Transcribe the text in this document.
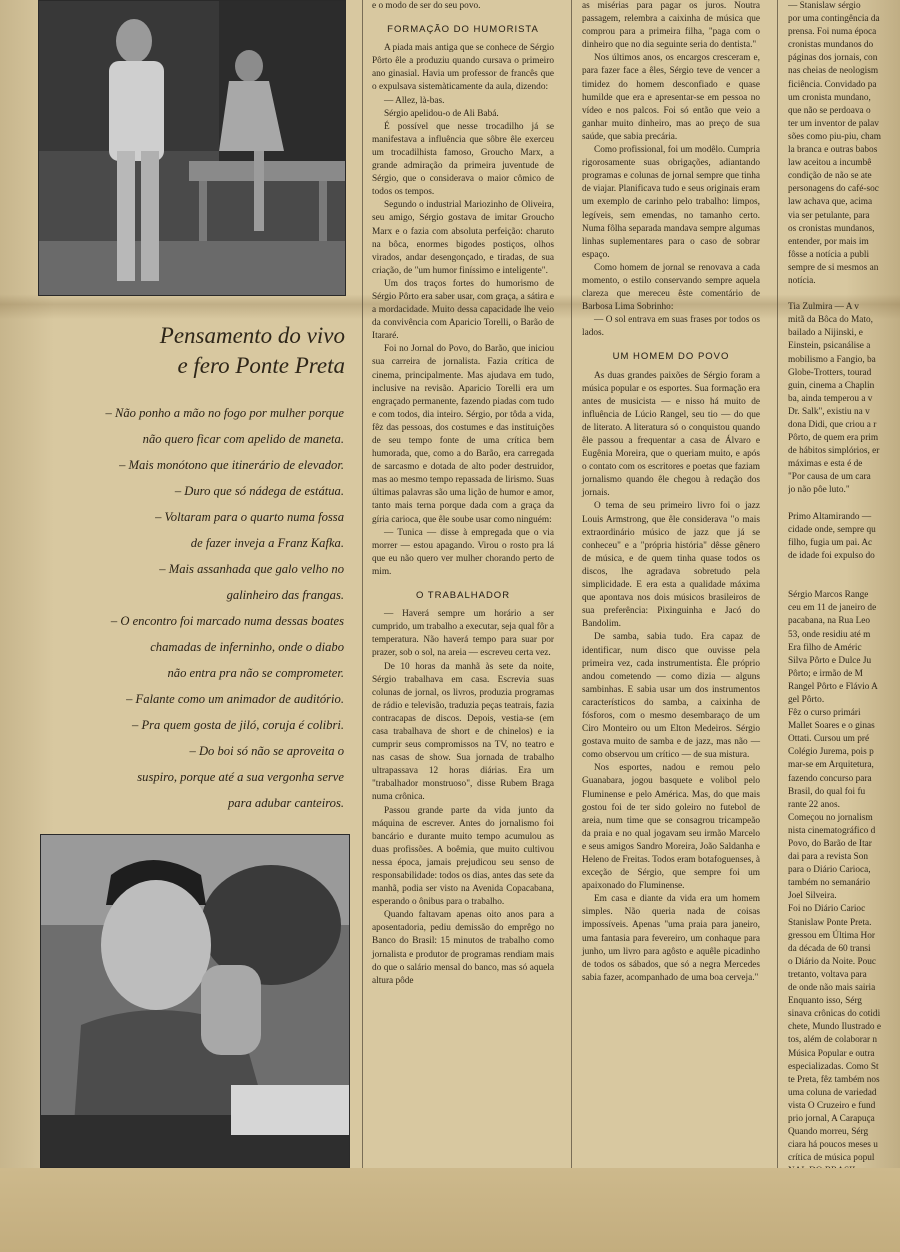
Pensamento do vivo
e fero Ponte Preta

– Não ponho a mão no fogo por mulher porque

não quero ficar com apelido de maneta.

– Mais monótono que itinerário de elevador.

– Duro que só nádega de estátua.

– Voltaram para o quarto numa fossa

de fazer inveja a Franz Kafka.

– Mais assanhada que galo velho no

galinheiro das frangas.

– O encontro foi marcado numa dessas boates

chamadas de inferninho, onde o diabo

não entra pra não se comprometer.

– Falante como um animador de auditório.

– Pra quem gosta de jiló, coruja é colibri.

– Do boi só não se aproveita o

suspiro, porque até a sua vergonha serve

para adubar canteiros.

e o modo de ser do seu povo.

FORMAÇÃO DO HUMORISTA

A piada mais antiga que se conhece de Sérgio Pôrto êle a produziu quando cursava o primeiro ano ginasial. Havia um professor de francês que o expulsava sistemàticamente da aula, dizendo:

— Allez, là-bas.

Sérgio apelidou-o de Ali Babá.

É possível que nesse trocadilho já se manifestava a influência que sôbre êle exerceu um trocadilhista famoso, Groucho Marx, a grande admiração da primeira juventude de Sérgio, que o considerava o maior cômico de todos os tempos.

Segundo o industrial Mariozinho de Oliveira, seu amigo, Sérgio gostava de imitar Groucho Marx e o fazia com absoluta perfeição: charuto na bôca, enormes bigodes postiços, olhos virados, andar desengonçado, e tiradas, de sua criação, de "um humor finíssimo e inteligente".

Um dos traços fortes do humorismo de Sérgio Pôrto era saber usar, com graça, a sátira e a mordacidade. Muito dessa capacidade lhe veio da convivência com Aparicio Torelli, o Barão de Itararé.

Foi no Jornal do Povo, do Barão, que iniciou sua carreira de jornalista. Fazia crítica de cinema, principalmente. Mas ajudava em tudo, inclusive na revisão. Aparicio Torelli era um engraçado permanente, fazendo piadas com tudo e com todos, dia inteiro. Sérgio, por tôda a vida, fêz das pessoas, dos costumes e das instituições de seu tempo fonte de uma crítica bem humorada, que, como a do Barão, era carregada de sarcasmo e dotada de alto poder destruidor, mas ao mesmo tempo repassada de lirismo. Suas últimas palavras são uma lição de humor e amor, tanto mais terna porque dada com a graça da gíria carioca, que êle soube usar como ninguém:

— Tunica — disse à empregada que o via morrer — estou apagando. Virou o rosto pra lá que eu não quero ver mulher chorando perto de mim.

O TRABALHADOR

— Haverá sempre um horário a ser cumprido, um trabalho a executar, seja qual fôr a temperatura. Não haverá tempo para suar por prazer, sob o sol, na areia — escreveu certa vez.

De 10 horas da manhã às sete da noite, Sérgio trabalhava em casa. Escrevia suas colunas de jornal, os livros, produzia programas de rádio e televisão, traduzia peças teatrais, fazia contracapas de discos. Depois, vestia-se (em casa trabalhava de short e de chinelos) e ia cumprir seus compromissos na TV, no teatro e nas casas de show. Sua jornada de trabalho ultrapassava 12 horas diárias. Era um "trabalhador monstruoso", disse Rubem Braga numa crônica.

Passou grande parte da vida junto da máquina de escrever. Antes do jornalismo foi bancário e durante muito tempo acumulou as duas profissões. A boêmia, que muito cultivou nessa época, jamais prejudicou seu senso de responsabilidade: todos os dias, antes das sete da manhã, podia ser visto na Avenida Copacabana, esperando o ônibus para o trabalho.

Quando faltavam apenas oito anos para a aposentadoria, pediu demissão do emprêgo no Banco do Brasil: 15 minutos de trabalho como jornalista e produtor de programas rendiam mais do que o salário mensal do banco, mas só aquela altura pôde

as misérias para pagar os juros. Noutra passagem, relembra a caixinha de música que comprou para a primeira filha, "paga com o dinheiro que no dia seguinte seria do dentista."

Nos últimos anos, os encargos cresceram e, para fazer face a êles, Sérgio teve de vencer a timidez do homem desconfiado e quase humilde que era e apresentar-se em pessoa no vídeo e nos palcos. Foi só então que veio a ganhar muito dinheiro, mas ao preço de sua saúde, que sabia precária.

Como profissional, foi um modêlo. Cumpria rigorosamente suas obrigações, adiantando programas e colunas de jornal sempre que tinha de viajar. Planificava tudo e seus originais eram um exemplo de carinho pelo trabalho: limpos, legíveis, sem emendas, no tamanho certo. Numa fôlha separada mandava sempre algumas linhas suplementares para o caso de sobrar espaço.

Como homem de jornal se renovava a cada momento, o estilo conservando sempre aquela clareza que mereceu êste comentário de Barbosa Lima Sobrinho:

— O sol entrava em suas frases por todos os lados.

UM HOMEM DO POVO

As duas grandes paixões de Sérgio foram a música popular e os esportes. Sua formação era antes de musicista — e nisso há muito de influência de Lúcio Rangel, seu tio — do que de literato. A literatura só o conquistou quando êle passou a frequentar a casa de Álvaro e Eugênia Moreira, que o queriam muito, e após o contato com os escritores e poetas que faziam jornalismo quando êle chegou à redação dos jornais.

O tema de seu primeiro livro foi o jazz Louis Armstrong, que êle considerava "o mais extraordinário músico de jazz que já se conheceu" e a "própria história" dêsse gênero de música, e de quem tinha quase todos os discos, lhe agradava sobretudo pela simplicidade. E era esta a qualidade máxima que apontava nos dois músicos brasileiros de sua preferência: Pixinguinha e Jacó do Bandolim.

De samba, sabia tudo. Era capaz de identificar, num disco que ouvisse pela primeira vez, cada instrumentista. Êle próprio andou cometendo — como dizia — alguns sambinhas. E sabia usar um dos instrumentos característicos do samba, a caixinha de fósforos, com o mesmo desembaraço de um Ciro Monteiro ou um Elton Medeiros. Sérgio gostava muito de samba e de jazz, mas não — como observou um crítico — de sua mistura.

Nos esportes, nadou e remou pelo Guanabara, jogou basquete e volibol pelo Fluminense e pelo América. Mas, do que mais gostou foi de ter sido goleiro no futebol de areia, num time que se consagrou tricampeão da praia e no qual jogavam seu irmão Marcelo e seus amigos Sandro Moreira, João Saldanha e Heleno de Freitas. Todos eram botafoguenses, à exceção de Sérgio, que sempre foi um apaixonado do Fluminense.

Em casa e diante da vida era um homem simples. Não queria nada de coisas impossíveis. Apenas "uma praia para janeiro, uma fantasia para fevereiro, um conhaque para junho, um livro para agôsto e aquêle picadinho de todos os sábados, que só a negra Mercedes sabia fazer, acompanhado de uma boa cerveja."

— Stanislaw sérgio

por uma contingência da

prensa. Foi numa época

cronistas mundanos do

páginas dos jornais, con

nas cheias de neologism

ficiência. Convidado pa

um cronista mundano,

que não se perdoava o

ter um inventor de palav

sões como piu-piu, cham

la branca e outras babos

law aceitou a incumbê

condição de não se ate

personagens do café-soc

law achava que, acima

via ser petulante, para

os cronistas mundanos,

entender, por mais im

fôsse a notícia a publi

sempre de si mesmos an

notícia.

Tia Zulmira — A v

mitã da Bôca do Mato,

bailado a Nijinski, e

Einstein, psicanálise a

mobilismo a Fangio, ba

Globe-Trotters, tourad

guin, cinema a Chaplin

ba, ainda temperou a v

Dr. Salk", existiu na v

dona Didi, que criou a r

Pôrto, de quem era prim

de hábitos simplórios, er

máximas e esta é de

"Por causa de um cara

jo não pôe luto."

Primo Altamirando —

cidade onde, sempre qu

filho, fugia um pai. Ac

de idade foi expulso do

Sérgio Marcos Range

ceu em 11 de janeiro de

pacabana, na Rua Leo

53, onde residiu até m

Era filho de Améric

Silva Pôrto e Dulce Ju

Pôrto; e irmão de M

Rangel Pôrto e Flávio A

gel Pôrto.

Fêz o curso primári

Mallet Soares e o ginas

Ottati. Cursou um pré

Colégio Jurema, pois p

mar-se em Arquitetura,

fazendo concurso para

Brasil, do qual foi fu

rante 22 anos.

Começou no jornalism

nista cinematográfico d

Povo, do Barão de Itar

dai para a revista Son

para o Diário Carioca,

também no semanário

Joel Silveira.

Foi no Diário Carioc

Stanislaw Ponte Preta.

gressou em Última Hor

da década de 60 transi

o Diário da Noite. Pouc

tretanto, voltava para

de onde não mais sairia

Enquanto isso, Sérg

sinava crônicas do cotidi

chete, Mundo Ilustrado e

tos, além de colaborar n

Música Popular e outra

especializadas. Como St

te Preta, fêz também nos

uma coluna de variedad

vista O Cruzeiro e fund

prio jornal, A Carapuça

Quando morreu, Sérg

ciara há poucos meses u

crítica de música popul
